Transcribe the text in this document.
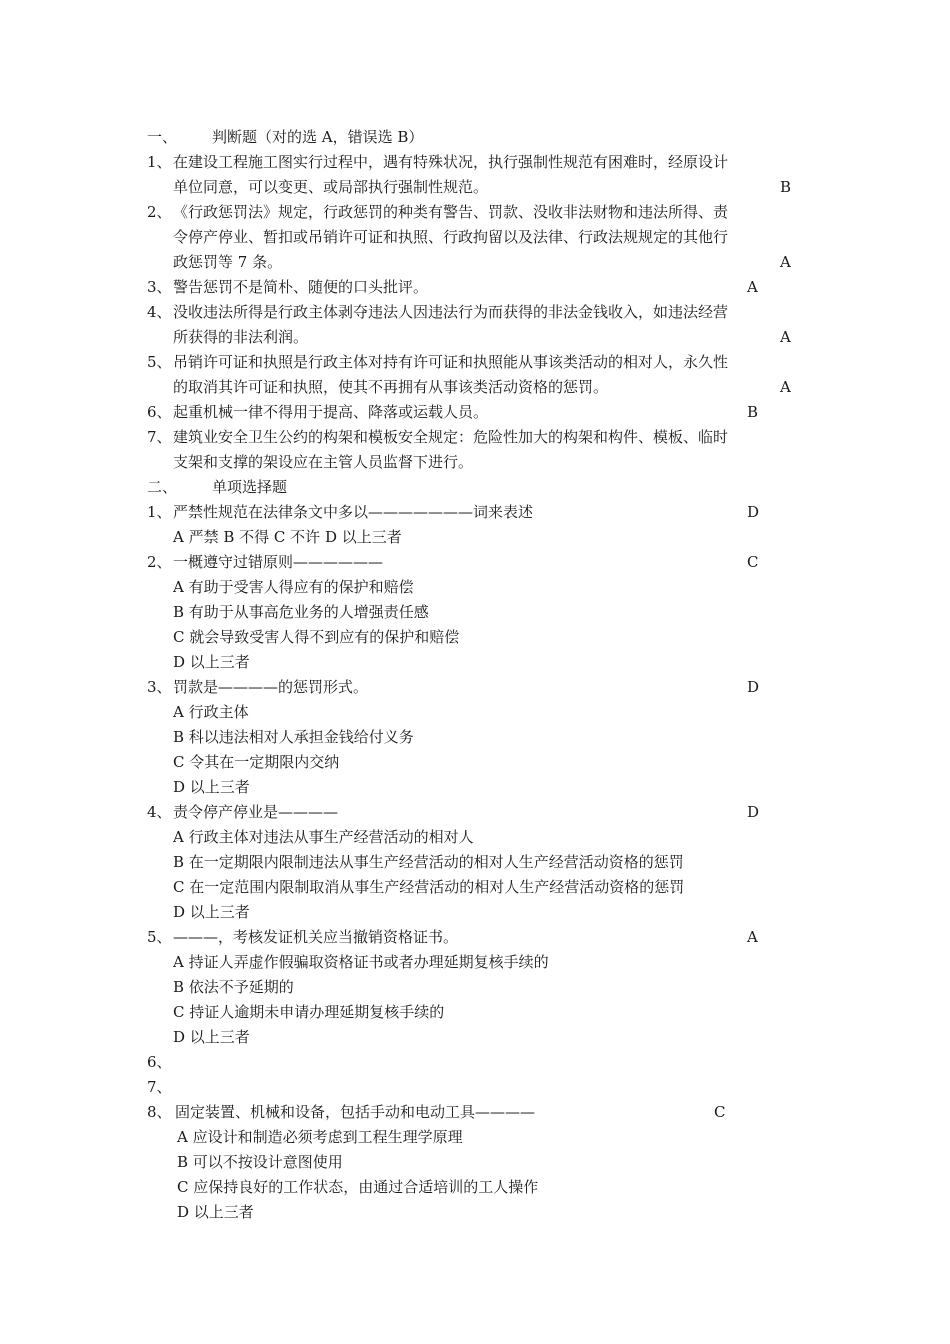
一、 判断题（对的选 A，错误选 B）
1、 在建设工程施工图实行过程中，遇有特殊状况，执行强制性规范有困难时，经原设计
单位同意，可以变更、或局部执行强制性规范。	B
2、 《行政惩罚法》规定，行政惩罚的种类有警告、罚款、没收非法财物和违法所得、责
令停产停业、暂扣或吊销许可证和执照、行政拘留以及法律、行政法规规定的其他行
政惩罚等 7 条。	A
3、 警告惩罚不是简朴、随便的口头批评。	A
4、 没收违法所得是行政主体剥夺违法人因违法行为而获得的非法金钱收入，如违法经营
所获得的非法利润。	A
5、 吊销许可证和执照是行政主体对持有许可证和执照能从事该类活动的相对人，永久性
的取消其许可证和执照，使其不再拥有从事该类活动资格的惩罚。	A
6、 起重机械一律不得用于提高、降落或运载人员。	B
7、 建筑业安全卫生公约的构架和模板安全规定：危险性加大的构架和构件、模板、临时
支架和支撑的架设应在主管人员监督下进行。
二、 单项选择题
1、 严禁性规范在法律条文中多以———————词来表述	D
A 严禁 B 不得 C 不许 D 以上三者
2、 一概遵守过错原则——————	C
A 有助于受害人得应有的保护和赔偿
B 有助于从事高危业务的人增强责任感
C 就会导致受害人得不到应有的保护和赔偿
D 以上三者
3、 罚款是————的惩罚形式。	D
A 行政主体
B 科以违法相对人承担金钱给付义务
C 令其在一定期限内交纳
D 以上三者
4、 责令停产停业是————	D
A 行政主体对违法从事生产经营活动的相对人
B 在一定期限内限制违法从事生产经营活动的相对人生产经营活动资格的惩罚
C 在一定范围内限制取消从事生产经营活动的相对人生产经营活动资格的惩罚
D 以上三者
5、 ———，考核发证机关应当撤销资格证书。	A
A 持证人弄虚作假骗取资格证书或者办理延期复核手续的
B 依法不予延期的
C 持证人逾期未申请办理延期复核手续的
D 以上三者
6、
7、
8、 固定装置、机械和设备，包括手动和电动工具————	C
A 应设计和制造必须考虑到工程生理学原理
B 可以不按设计意图使用
C 应保持良好的工作状态，由通过合适培训的工人操作
D 以上三者
